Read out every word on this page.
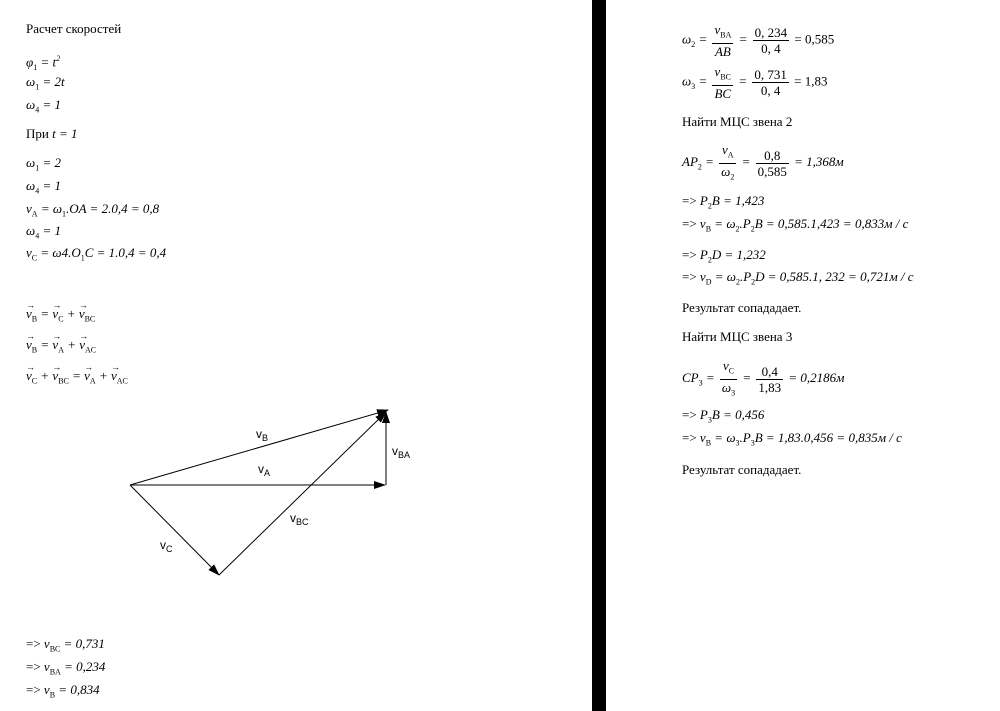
Расчет скоростей
$\varphi_1 = t^2$
$\omega_1 = 2t$
$\omega_4 = 1$
При t = 1
$\omega_1 = 2$
$\omega_4 = 1$
$v_A = \omega_1.OA = 2.0,4 = 0,8$
$\omega_4 = 1$
$v_C = \omega 4.O_1C = 1.0,4 = 0,4$
→ $v_B$ = → $v_C$ + → $v_{BC}$
→ $v_B$ = → $v_A$ + → $v_{AC}$
→ $v_C$ + → $v_{BC}$ = → $v_A$ + → $v_{AC}$
$v_B$
$v_A$
$v_{BA}$
$v_{BC}$
$v_C$
=> $v_{BC} = 0,731$
=> $v_{BA} = 0,234$
=> $v_B = 0,834$
$\omega_2 = \frac{v_{BA}}{AB} = \frac{0, 234}{0, 4} = 0,585$
$\omega_3 = \frac{v_{BC}}{BC} = \frac{0, 731}{0, 4} = 1,83$
Найти МЦС звена 2
$AP_2 = \frac{v_A}{\omega_2} = \frac{0,8}{0,585} = 1,368м$
=> $P_2B = 1,423$
=> $v_B = \omega_2.P_2B = 0,585.1,423 = 0,833м / с$
=> $P_2D = 1,232$
=> $v_D = \omega_2.P_2D = 0,585.1$, 232 = 0,721м / с
Результат сопададает.
Найти МЦС звена 3
$CP_3 = \frac{v_C}{\omega_3} = \frac{0,4}{1,83} = 0,2186м$
=> $P_3B = 0,456$
=> $v_B = \omega_3.P_3B = 1,83.0,456 = 0,835м / с$
Результат сопададает.
